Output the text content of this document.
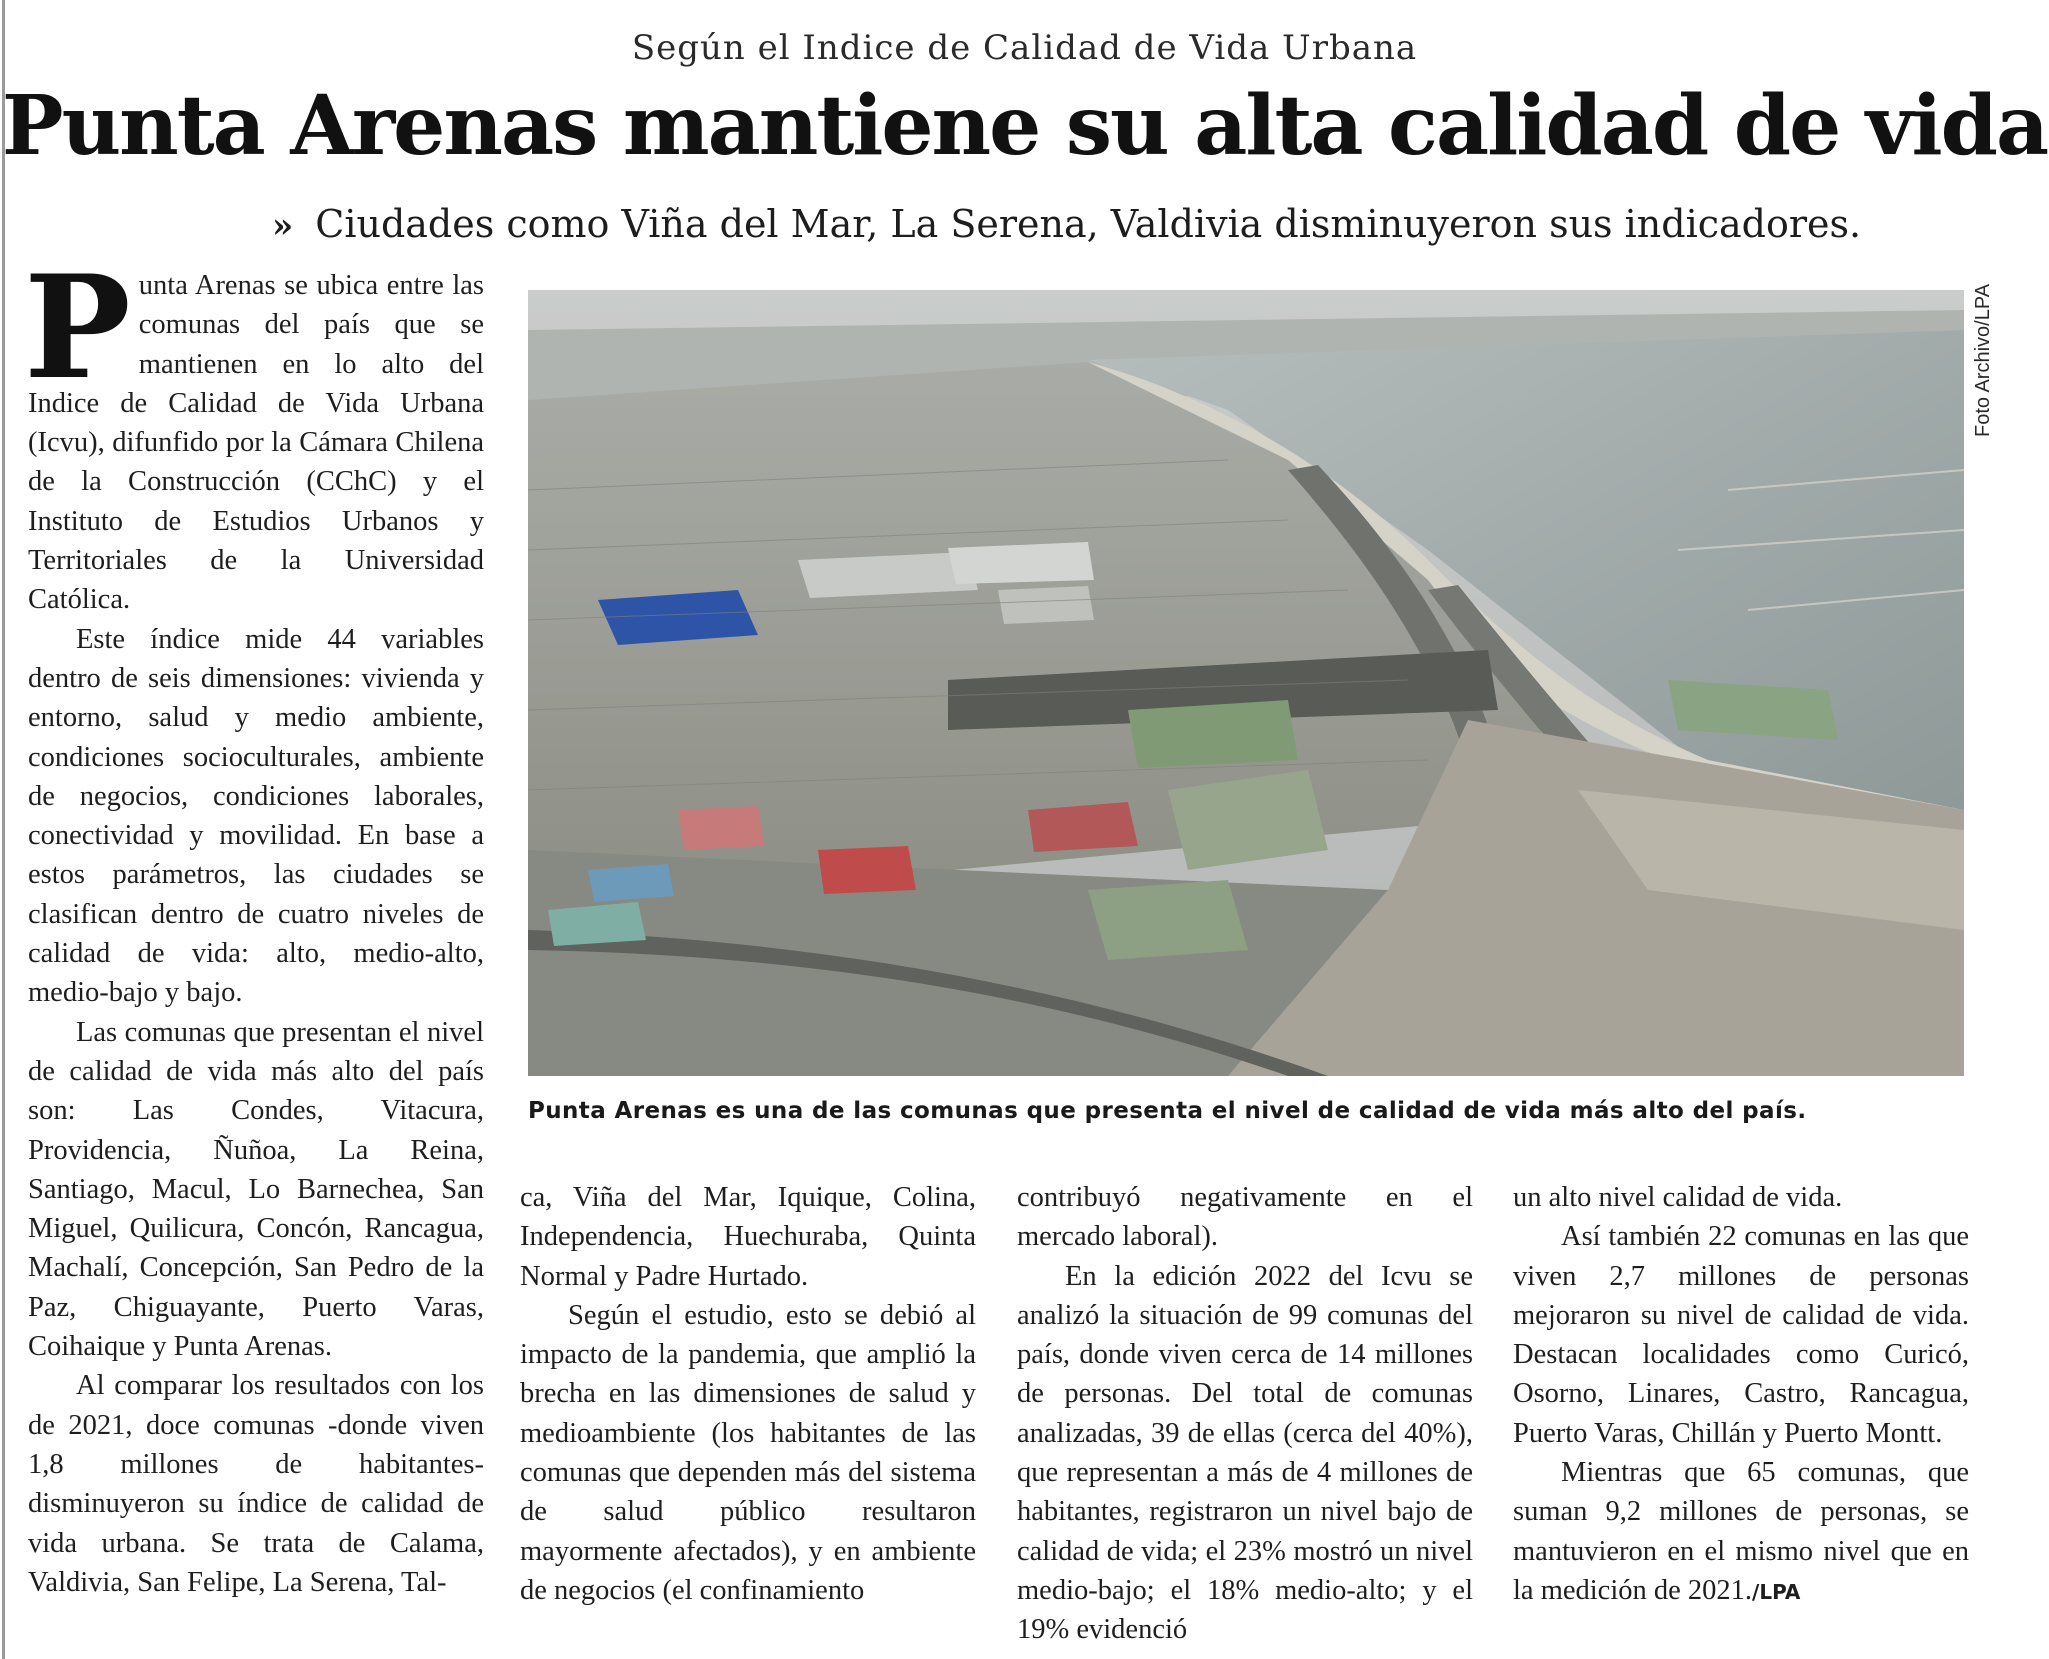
Según el Indice de Calidad de Vida Urbana
Punta Arenas mantiene su alta calidad de vida
» Ciudades como Viña del Mar, La Serena, Valdivia disminuyeron sus indicadores.

Punta Arenas se ubica entre las comunas del país que se mantienen en lo alto del Indice de Calidad de Vida Urbana (Icvu), difunfido por la Cámara Chilena de la Construcción (CChC) y el Instituto de Estudios Urbanos y Territoriales de la Universidad Católica.

Este índice mide 44 variables dentro de seis dimensiones: vivienda y entorno, salud y medio ambiente, condiciones socioculturales, ambiente de negocios, condiciones laborales, conectividad y movilidad. En base a estos parámetros, las ciudades se clasifican dentro de cuatro niveles de calidad de vida: alto, medio-alto, medio-bajo y bajo.

Las comunas que presentan el nivel de calidad de vida más alto del país son: Las Condes, Vitacura, Providencia, Ñuñoa, La Reina, Santiago, Macul, Lo Barnechea, San Miguel, Quilicura, Concón, Rancagua, Machalí, Concepción, San Pedro de la Paz, Chiguayante, Puerto Varas, Coihaique y Punta Arenas.

Al comparar los resultados con los de 2021, doce comunas -donde viven 1,8 millones de habitantes- disminuyeron su índice de calidad de vida urbana. Se trata de Calama, Valdivia, San Felipe, La Serena, Tal-

ca, Viña del Mar, Iquique, Colina, Independencia, Huechuraba, Quinta Normal y Padre Hurtado.

Según el estudio, esto se debió al impacto de la pandemia, que amplió la brecha en las dimensiones de salud y medioambiente (los habitantes de las comunas que dependen más del sistema de salud público resultaron mayormente afectados), y en ambiente de negocios (el confinamiento

contribuyó negativamente en el mercado laboral).

En la edición 2022 del Icvu se analizó la situación de 99 comunas del país, donde viven cerca de 14 millones de personas. Del total de comunas analizadas, 39 de ellas (cerca del 40%), que representan a más de 4 millones de habitantes, registraron un nivel bajo de calidad de vida; el 23% mostró un nivel medio-bajo; el 18% medio-alto; y el 19% evidenció

un alto nivel calidad de vida.

Así también 22 comunas en las que viven 2,7 millones de personas mejoraron su nivel de calidad de vida. Destacan localidades como Curicó, Osorno, Linares, Castro, Rancagua, Puerto Varas, Chillán y Puerto Montt.

Mientras que 65 comunas, que suman 9,2 millones de personas, se mantuvieron en el mismo nivel que en la medición de 2021./LPA

Foto Archivo/LPA
Punta Arenas es una de las comunas que presenta el nivel de calidad de vida más alto del país.
